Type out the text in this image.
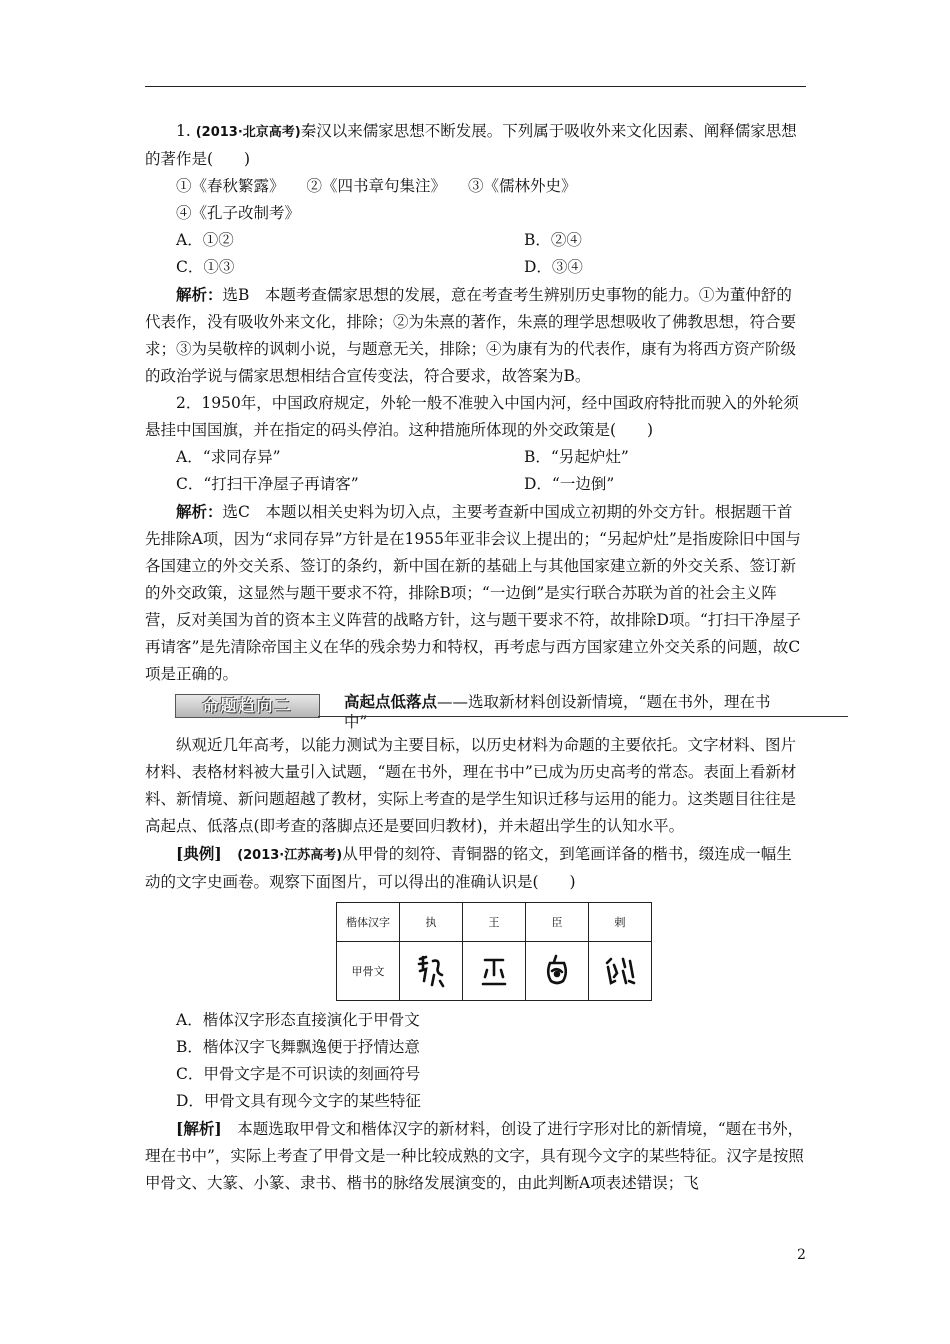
1. (2013·北京高考)秦汉以来儒家思想不断发展。下列属于吸收外来文化因素、阐释儒家思想的著作是(　　)

①《春秋繁露》 ②《四书章句集注》 ③《儒林外史》

④《孔子改制考》

A．①②	B．②④
C．①③	D．③④

解析：选B　本题考查儒家思想的发展，意在考查考生辨别历史事物的能力。①为董仲舒的代表作，没有吸收外来文化，排除；②为朱熹的著作，朱熹的理学思想吸收了佛教思想，符合要求；③为吴敬梓的讽刺小说，与题意无关，排除；④为康有为的代表作，康有为将西方资产阶级的政治学说与儒家思想相结合宣传变法，符合要求，故答案为B。

2．1950年，中国政府规定，外轮一般不准驶入中国内河，经中国政府特批而驶入的外轮须悬挂中国国旗，并在指定的码头停泊。这种措施所体现的外交政策是(　　)

A．“求同存异”	B．“另起炉灶”
C．“打扫干净屋子再请客”	D．“一边倒”

解析：选C　本题以相关史料为切入点，主要考查新中国成立初期的外交方针。根据题干首先排除A项，因为“求同存异”方针是在1955年亚非会议上提出的；“另起炉灶”是指废除旧中国与各国建立的外交关系、签订的条约，新中国在新的基础上与其他国家建立新的外交关系、签订新的外交政策，这显然与题干要求不符，排除B项；“一边倒”是实行联合苏联为首的社会主义阵营，反对美国为首的资本主义阵营的战略方针，这与题干要求不符，故排除D项。“打扫干净屋子再请客”是先清除帝国主义在华的残余势力和特权，再考虑与西方国家建立外交关系的问题，故C项是正确的。

命题趋向二	高起点低落点——选取新材料创设新情境，“题在书外，理在书中”

纵观近几年高考，以能力测试为主要目标，以历史材料为命题的主要依托。文字材料、图片材料、表格材料被大量引入试题，“题在书外，理在书中”已成为历史高考的常态。表面上看新材料、新情境、新问题超越了教材，实际上考查的是学生知识迁移与运用的能力。这类题目往往是高起点、低落点(即考查的落脚点还是要回归教材)，并未超出学生的认知水平。

[典例]　 (2013·江苏高考)从甲骨的刻符、青铜器的铭文，到笔画详备的楷书，缀连成一幅生动的文字史画卷。观察下面图片，可以得出的准确认识是(　　)

楷体汉字	执	王	臣	剌
甲骨文	

A．楷体汉字形态直接演化于甲骨文

B．楷体汉字飞舞飘逸便于抒情达意

C．甲骨文字是不可识读的刻画符号

D．甲骨文具有现今文字的某些特征

[解析]　 本题选取甲骨文和楷体汉字的新材料，创设了进行字形对比的新情境，“题在书外，理在书中”，实际上考查了甲骨文是一种比较成熟的文字，具有现今文字的某些特征。汉字是按照甲骨文、大篆、小篆、隶书、楷书的脉络发展演变的，由此判断A项表述错误；飞

2
